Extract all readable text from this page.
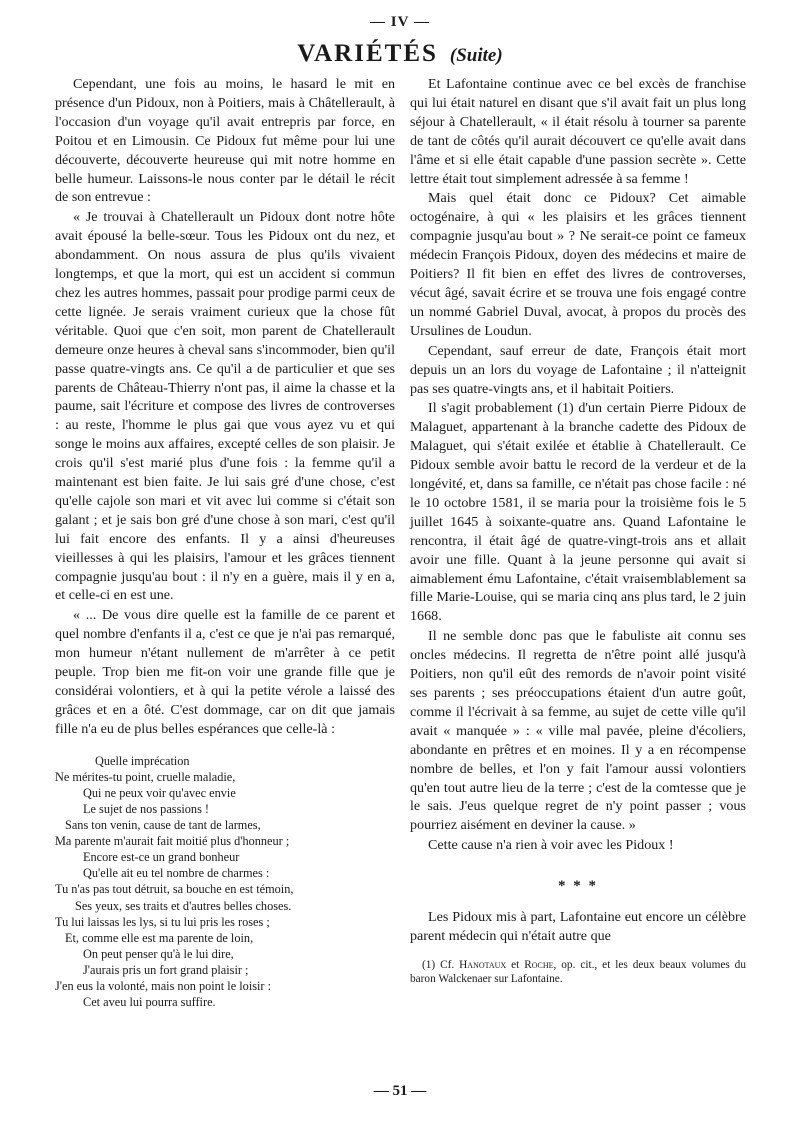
— IV —
VARIÉTÉS (Suite)

Cependant, une fois au moins, le hasard le mit en présence d'un Pidoux, non à Poitiers, mais à Châtellerault, à l'occasion d'un voyage qu'il avait entrepris par force, en Poitou et en Limousin. Ce Pidoux fut même pour lui une découverte, découverte heureuse qui mit notre homme en belle humeur. Laissons-le nous conter par le détail le récit de son entrevue :

« Je trouvai à Chatellerault un Pidoux dont notre hôte avait épousé la belle-sœur. Tous les Pidoux ont du nez, et abondamment. On nous assura de plus qu'ils vivaient longtemps, et que la mort, qui est un accident si commun chez les autres hommes, passait pour prodige parmi ceux de cette lignée. Je serais vraiment curieux que la chose fût véritable. Quoi que c'en soit, mon parent de Chatellerault demeure onze heures à cheval sans s'incommoder, bien qu'il passe quatre-vingts ans. Ce qu'il a de particulier et que ses parents de Château-Thierry n'ont pas, il aime la chasse et la paume, sait l'écriture et compose des livres de controverses : au reste, l'homme le plus gai que vous ayez vu et qui songe le moins aux affaires, excepté celles de son plaisir. Je crois qu'il s'est marié plus d'une fois : la femme qu'il a maintenant est bien faite. Je lui sais gré d'une chose, c'est qu'elle cajole son mari et vit avec lui comme si c'était son galant ; et je sais bon gré d'une chose à son mari, c'est qu'il lui fait encore des enfants. Il y a ainsi d'heureuses vieillesses à qui les plaisirs, l'amour et les grâces tiennent compagnie jusqu'au bout : il n'y en a guère, mais il y en a, et celle-ci en est une.

« ... De vous dire quelle est la famille de ce parent et quel nombre d'enfants il a, c'est ce que je n'ai pas remarqué, mon humeur n'étant nullement de m'arrêter à ce petit peuple. Trop bien me fit-on voir une grande fille que je considérai volontiers, et à qui la petite vérole a laissé des grâces et en a ôté. C'est dommage, car on dit que jamais fille n'a eu de plus belles espérances que celle-là :

Quelle imprécation
Ne mérites-tu point, cruelle maladie,
Qui ne peux voir qu'avec envie
Le sujet de nos passions !
Sans ton venin, cause de tant de larmes,
Ma parente m'aurait fait moitié plus d'honneur ;
Encore est-ce un grand bonheur
Qu'elle ait eu tel nombre de charmes :
Tu n'as pas tout détruit, sa bouche en est témoin,
Ses yeux, ses traits et d'autres belles choses.
Tu lui laissas les lys, si tu lui pris les roses ;
Et, comme elle est ma parente de loin,
On peut penser qu'à le lui dire,
J'aurais pris un fort grand plaisir ;
J'en eus la volonté, mais non point le loisir :
Cet aveu lui pourra suffire.

Et Lafontaine continue avec ce bel excès de franchise qui lui était naturel en disant que s'il avait fait un plus long séjour à Chatellerault, « il était résolu à tourner sa parente de tant de côtés qu'il aurait découvert ce qu'elle avait dans l'âme et si elle était capable d'une passion secrète ». Cette lettre était tout simplement adressée à sa femme !

Mais quel était donc ce Pidoux? Cet aimable octogénaire, à qui « les plaisirs et les grâces tiennent compagnie jusqu'au bout » ? Ne serait-ce point ce fameux médecin François Pidoux, doyen des médecins et maire de Poitiers? Il fit bien en effet des livres de controverses, vécut âgé, savait écrire et se trouva une fois engagé contre un nommé Gabriel Duval, avocat, à propos du procès des Ursulines de Loudun.

Cependant, sauf erreur de date, François était mort depuis un an lors du voyage de Lafontaine ; il n'atteignit pas ses quatre-vingts ans, et il habitait Poitiers.

Il s'agit probablement (1) d'un certain Pierre Pidoux de Malaguet, appartenant à la branche cadette des Pidoux de Malaguet, qui s'était exilée et établie à Chatellerault. Ce Pidoux semble avoir battu le record de la verdeur et de la longévité, et, dans sa famille, ce n'était pas chose facile : né le 10 octobre 1581, il se maria pour la troisième fois le 5 juillet 1645 à soixante-quatre ans. Quand Lafontaine le rencontra, il était âgé de quatre-vingt-trois ans et allait avoir une fille. Quant à la jeune personne qui avait si aimablement ému Lafontaine, c'était vraisemblablement sa fille Marie-Louise, qui se maria cinq ans plus tard, le 2 juin 1668.

Il ne semble donc pas que le fabuliste ait connu ses oncles médecins. Il regretta de n'être point allé jusqu'à Poitiers, non qu'il eût des remords de n'avoir point visité ses parents ; ses préoccupations étaient d'un autre goût, comme il l'écrivait à sa femme, au sujet de cette ville qu'il avait « manquée » : « ville mal pavée, pleine d'écoliers, abondante en prêtres et en moines. Il y a en récompense nombre de belles, et l'on y fait l'amour aussi volontiers qu'en tout autre lieu de la terre ; c'est de la comtesse que je le sais. J'eus quelque regret de n'y point passer ; vous pourriez aisément en deviner la cause. »

Cette cause n'a rien à voir avec les Pidoux !

* * *

Les Pidoux mis à part, Lafontaine eut encore un célèbre parent médecin qui n'était autre que

(1) Cf. Hanotaux et Roche, op. cit., et les deux beaux volumes du baron Walckenaer sur Lafontaine.
— 51 —
